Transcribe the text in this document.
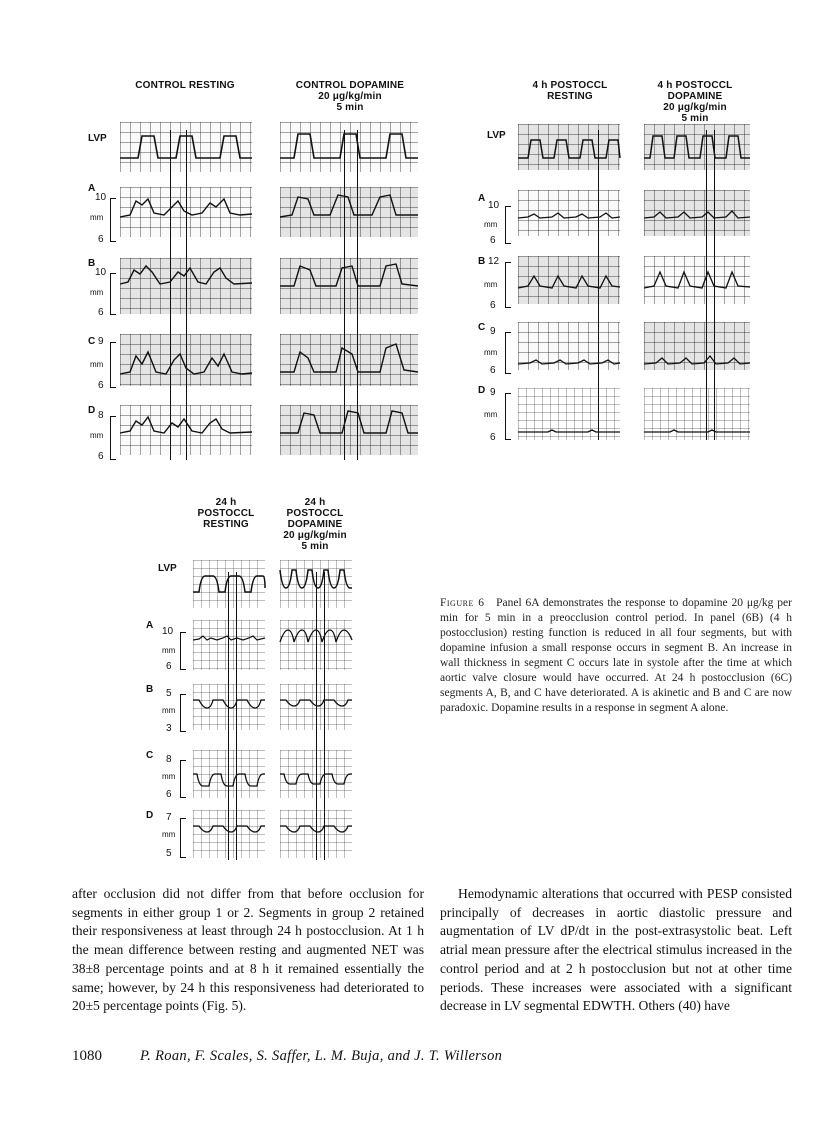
CONTROL RESTING	CONTROL DOPAMINE
20 μg/kg/min
5 min
LVP
A
10
mm
6
B
10
mm
6
C 9
mm
6
D 8
mm
6
4 h POSTOCCL
RESTING
4 h POSTOCCL
DOPAMINE
20 μg/kg/min
5 min
LVP
A
10
mm
6
B 12
mm
6
C 9
mm
6
D 9
mm
6
24 h
POSTOCCL
RESTING
24 h
POSTOCCL
DOPAMINE
20 μg/kg/min
5 min
LVP
A
10
mm
6
B 5
mm
3
C 8
mm
6
D 7
mm
5
Figure 6 Panel 6A demonstrates the response to dopamine 20 μg/kg per min for 5 min in a preocclusion control period. In panel (6B) (4 h postocclusion) resting function is reduced in all four segments, but with dopamine infusion a small response occurs in segment B. An increase in wall thickness in segment C occurs late in systole after the time at which aortic valve closure would have occurred. At 24 h postocclusion (6C) segments A, B, and C have deteriorated. A is akinetic and B and C are now paradoxic. Dopamine results in a response in segment A alone.
after occlusion did not differ from that before occlusion for segments in either group 1 or 2. Segments in group 2 retained their responsiveness at least through 24 h postocclusion. At 1 h the mean difference between resting and augmented NET was 38±8 percentage points and at 8 h it remained essentially the same; however, by 24 h this responsiveness had deteriorated to 20±5 percentage points (Fig. 5).
Hemodynamic alterations that occurred with PESP consisted principally of decreases in aortic diastolic pressure and augmentation of LV dP/dt in the post-extrasystolic beat. Left atrial mean pressure after the electrical stimulus increased in the control period and at 2 h postocclusion but not at other time periods. These increases were associated with a significant decrease in LV segmental EDWTH. Others (40) have
1080	P. Roan, F. Scales, S. Saffer, L. M. Buja, and J. T. Willerson
